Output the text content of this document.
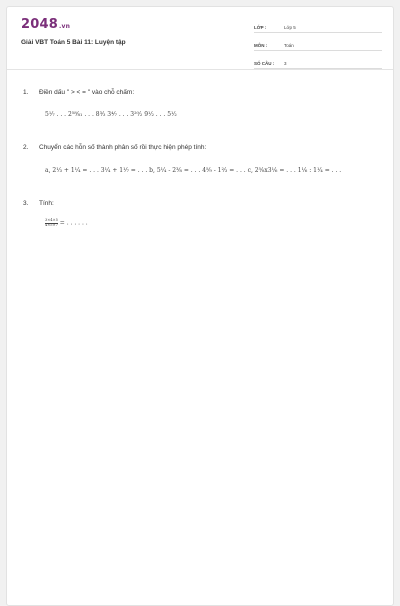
2048.vn
Giải VBT Toán 5 Bài 11: Luyện tập
LỚP :	Lớp 5
MÔN :	Toán
SỐ CÂU :	3
1. Điền dấu " > < = " vào chỗ chấm:
5¹⁄₇ . . . 2⁵⁸⁄₈₁ . . . 8³⁄₃ 3⁴⁄₇ . . . 3²⁰⁄₂ 9¹⁄₂ . . . 5¹⁄₂
2. Chuyển các hỗn số thành phân số rồi thực hiện phép tính:
a, 2¹⁄₃ + 1¹⁄₄ = . . . 3¹⁄₄ + 1¹⁄₇ = . . . b, 5¹⁄₄ - 2³⁄₈ = . . . 4⁵⁄₉ - 1²⁄₃ = . . . c, 2⁵⁄₈x3¹⁄₆ = . . . 1¹⁄₆ : 1¹⁄₄ = . . .
3. Tính:
$\frac{3\times 4\times 5}{4\times 5\times 7}$ = . . . . . .
